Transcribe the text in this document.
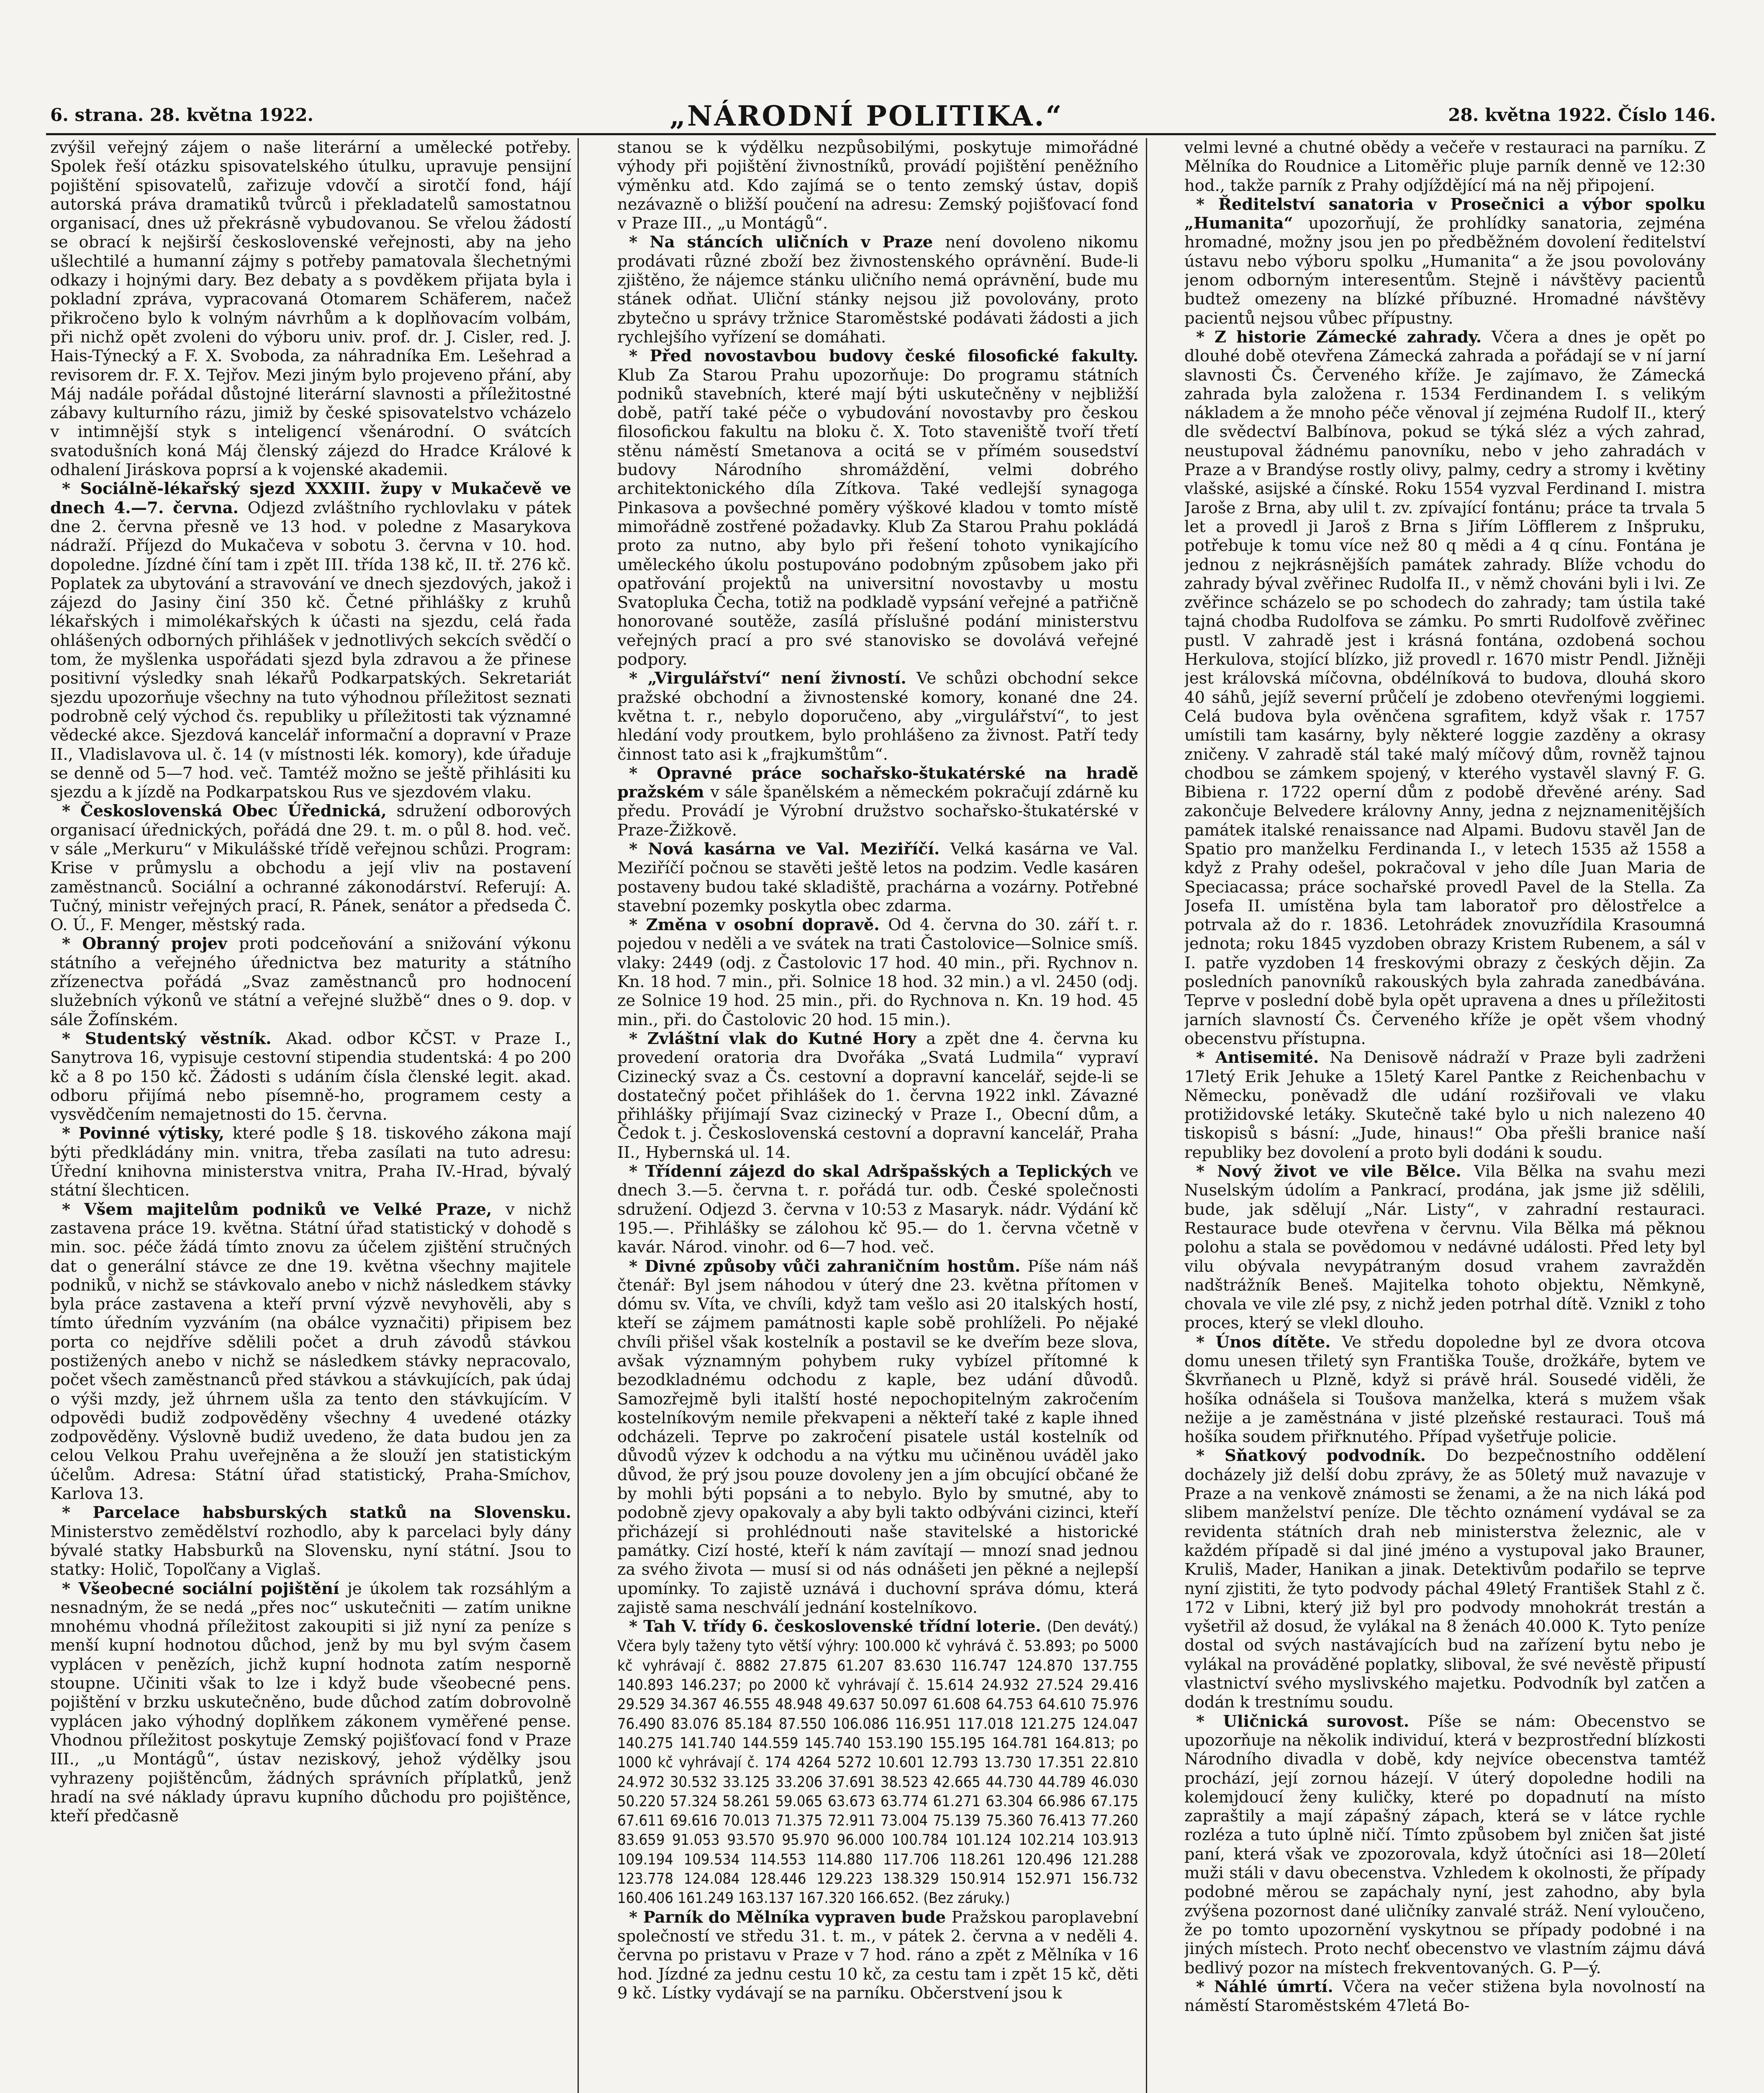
6. strana. 28. května 1922.	„NÁRODNÍ POLITIKA.“	28. května 1922. Číslo 146.

zvýšil veřejný zájem o naše literární a umělecké potřeby. Spolek řeší otázku spisovatelského útulku, upravuje pensijní pojištění spisovatelů, zařizuje vdovčí a sirotčí fond, hájí autorská práva dramatiků tvůrců i překladatelů samostatnou organisací, dnes už překrásně vybudovanou. Se vřelou žádostí se obrací k nejširší československé veřejnosti, aby na jeho ušlechtilé a humanní zájmy s potřeby pamatovala šlechetnými odkazy i hojnými dary. Bez debaty a s povděkem přijata byla i pokladní zpráva, vypracovaná Otomarem Schäferem, načež přikročeno bylo k volným návrhům a k doplňovacím volbám, při nichž opět zvoleni do výboru univ. prof. dr. J. Cisler, red. J. Hais-Týnecký a F. X. Svoboda, za náhradníka Em. Lešehrad a revisorem dr. F. X. Tejřov. Mezi jiným bylo projeveno přání, aby Máj nadále pořádal důstojné literární slavnosti a příležitostné zábavy kulturního rázu, jimiž by české spisovatelstvo vcházelo v intimnější styk s inteligencí všenárodní. O svátcích svatodušních koná Máj členský zájezd do Hradce Králové k odhalení Jiráskova poprsí a k vojenské akademii.

* Sociálně-lékařský sjezd XXXIII. župy v Mukačevě ve dnech 4.—7. června. Odjezd zvláštního rychlovlaku v pátek dne 2. června přesně ve 13 hod. v poledne z Masarykova nádraží. Příjezd do Mukačeva v sobotu 3. června v 10. hod. dopoledne. Jízdné číní tam i zpět III. třída 138 kč, II. tř. 276 kč. Poplatek za ubytování a stravování ve dnech sjezdových, jakož i zájezd do Jasiny činí 350 kč. Četné přihlášky z kruhů lékařských i mimolékařských k účasti na sjezdu, celá řada ohlášených odborných přihlášek v jednotlivých sekcích svědčí o tom, že myšlenka uspořádati sjezd byla zdravou a že přinese positivní výsledky snah lékařů Podkarpatských. Sekretariát sjezdu upozorňuje všechny na tuto výhodnou příležitost seznati podrobně celý východ čs. republiky u příležitosti tak významné vědecké akce. Sjezdová kancelář informační a dopravní v Praze II., Vladislavova ul. č. 14 (v místnosti lék. komory), kde úřaduje se denně od 5—7 hod. več. Tamtéž možno se ještě přihlásiti ku sjezdu a k jízdě na Podkarpatskou Rus ve sjezdovém vlaku.

* Československá Obec Úřednická, sdružení odborových organisací úřednických, pořádá dne 29. t. m. o půl 8. hod. več. v sále „Merkuru“ v Mikulášské třídě veřejnou schůzi. Program: Krise v průmyslu a obchodu a její vliv na postavení zaměstnanců. Sociální a ochranné zákonodárství. Referují: A. Tučný, ministr veřejných prací, R. Pánek, senátor a předseda Č. O. Ú., F. Menger, městský rada.

* Obranný projev proti podceňování a snižování výkonu státního a veřejného úřednictva bez maturity a státního zřízenectva pořádá „Svaz zaměstnanců pro hodnocení služebních výkonů ve státní a veřejné službě“ dnes o 9. dop. v sále Žofínském.

* Studentský věstník. Akad. odbor KČST. v Praze I., Sanytrova 16, vypisuje cestovní stipendia studentská: 4 po 200 kč a 8 po 150 kč. Žádosti s udáním čísla členské legit. akad. odboru přijímá nebo písemně-ho, programem cesty a vysvědčením nemajetnosti do 15. června.

* Povinné výtisky, které podle § 18. tiskového zákona mají býti předkládány min. vnitra, třeba zasílati na tuto adresu: Úřední knihovna ministerstva vnitra, Praha IV.-Hrad, bývalý státní šlechticen.

* Všem majitelům podniků ve Velké Praze, v nichž zastavena práce 19. května. Státní úřad statistický v dohodě s min. soc. péče žádá tímto znovu za účelem zjištění stručných dat o generální stávce ze dne 19. května všechny majitele podniků, v nichž se stávkovalo anebo v nichž následkem stávky byla práce zastavena a kteří první výzvě nevyhověli, aby s tímto úředním vyzváním (na obálce vyznačiti) připisem bez porta co nejdříve sdělili počet a druh závodů stávkou postižených anebo v nichž se následkem stávky nepracovalo, počet všech zaměstnanců před stávkou a stávkujících, pak údaj o výši mzdy, jež úhrnem ušla za tento den stávkujícím. V odpovědi budiž zodpověděny všechny 4 uvedené otázky zodpověděny. Výslovně budiž uvedeno, že data budou jen za celou Velkou Prahu uveřejněna a že slouží jen statistickým účelům. Adresa: Státní úřad statistický, Praha-Smíchov, Karlova 13.

* Parcelace habsburských statků na Slovensku. Ministerstvo zemědělství rozhodlo, aby k parcelaci byly dány bývalé statky Habsburků na Slovensku, nyní státní. Jsou to statky: Holič, Topoľčany a Viglaš.

* Všeobecné sociální pojištění je úkolem tak rozsáhlým a nesnadným, že se nedá „přes noc“ uskutečniti — zatím unikne mnohému vhodná příležitost zakoupiti si již nyní za peníze s menší kupní hodnotou důchod, jenž by mu byl svým časem vyplácen v penězích, jichž kupní hodnota zatím nesporně stoupne. Učiniti však to lze i když bude všeobecné pens. pojištění v brzku uskutečněno, bude důchod zatím dobrovolně vyplácen jako výhodný doplňkem zákonem vyměřené pense. Vhodnou příležitost poskytuje Zemský pojišťovací fond v Praze III., „u Montágů“, ústav neziskový, jehož výdělky jsou vyhrazeny pojištěncům, žádných správních příplatků, jenž hradí na své náklady úpravu kupního důchodu pro pojištěnce, kteří předčasně

stanou se k výdělku nezpůsobilými, poskytuje mimořádné výhody při pojištění živnostníků, provádí pojištění peněžního výměnku atd. Kdo zajímá se o tento zemský ústav, dopiš nezávazně o bližší poučení na adresu: Zemský pojišťovací fond v Praze III., „u Montágů“.

* Na stáncích uličních v Praze není dovoleno nikomu prodávati různé zboží bez živnostenského oprávnění. Bude-li zjištěno, že nájemce stánku uličního nemá oprávnění, bude mu stánek odňat. Uliční stánky nejsou již povolovány, proto zbytečno u správy tržnice Staroměstské podávati žádosti a jich rychlejšího vyřízení se domáhati.

* Před novostavbou budovy české filosofické fakulty. Klub Za Starou Prahu upozorňuje: Do programu státních podniků stavebních, které mají býti uskutečněny v nejbližší době, patří také péče o vybudování novostavby pro českou filosofickou fakultu na bloku č. X. Toto staveniště tvoří třetí stěnu náměstí Smetanova a ocitá se v přímém sousedství budovy Národního shromáždění, velmi dobrého architektonického díla Zítkova. Také vedlejší synagoga Pinkasova a povšechné poměry výškové kladou v tomto místě mimořádně zostřené požadavky. Klub Za Starou Prahu pokládá proto za nutno, aby bylo při řešení tohoto vynikajícího uměleckého úkolu postupováno podobným způsobem jako při opatřování projektů na universitní novostavby u mostu Svatopluka Čecha, totiž na podkladě vypsání veřejné a patřičně honorované soutěže, zasílá příslušné podání ministerstvu veřejných prací a pro své stanovisko se dovolává veřejné podpory.

* „Virgulářství“ není živností. Ve schůzi obchodní sekce pražské obchodní a živnostenské komory, konané dne 24. května t. r., nebylo doporučeno, aby „virgulářství“, to jest hledání vody proutkem, bylo prohlášeno za živnost. Patří tedy činnost tato asi k „frajkumštům“.

* Opravné práce sochařsko-štukatérské na hradě pražském v sále španělském a německém pokračují zdárně ku předu. Provádí je Výrobní družstvo sochařsko-štukatérské v Praze-Žižkově.

* Nová kasárna ve Val. Meziříčí. Velká kasárna ve Val. Meziříčí počnou se stavěti ještě letos na podzim. Vedle kasáren postaveny budou také skladiště, prachárna a vozárny. Potřebné stavební pozemky poskytla obec zdarma.

* Změna v osobní dopravě. Od 4. června do 30. září t. r. pojedou v neděli a ve svátek na trati Častolovice—Solnice smíš. vlaky: 2449 (odj. z Častolovic 17 hod. 40 min., při. Rychnov n. Kn. 18 hod. 7 min., při. Solnice 18 hod. 32 min.) a vl. 2450 (odj. ze Solnice 19 hod. 25 min., při. do Rychnova n. Kn. 19 hod. 45 min., při. do Častolovic 20 hod. 15 min.).

* Zvláštní vlak do Kutné Hory a zpět dne 4. června ku provedení oratoria dra Dvořáka „Svatá Ludmila“ vypraví Cizinecký svaz a Čs. cestovní a dopravní kancelář, sejde-li se dostatečný počet přihlášek do 1. června 1922 inkl. Závazné přihlášky přijímají Svaz cizinecký v Praze I., Obecní dům, a Čedok t. j. Československá cestovní a dopravní kancelář, Praha II., Hybernská ul. 14.

* Třídenní zájezd do skal Adršpašských a Teplických ve dnech 3.—5. června t. r. pořádá tur. odb. České společnosti sdružení. Odjezd 3. června v 10:53 z Masaryk. nádr. Výdání kč 195.—. Přihlášky se zálohou kč 95.— do 1. června včetně v kavár. Národ. vinohr. od 6—7 hod. več.

* Divné způsoby vůči zahraničním hostům. Píše nám náš čtenář: Byl jsem náhodou v úterý dne 23. května přítomen v dómu sv. Víta, ve chvíli, když tam vešlo asi 20 italských hostí, kteří se zájmem památnosti kaple sobě prohlíželi. Po nějaké chvíli přišel však kostelník a postavil se ke dveřím beze slova, avšak významným pohybem ruky vybízel přítomné k bezodkladnému odchodu z kaple, bez udání důvodů. Samozřejmě byli italští hosté nepochopitelným zakročením kostelníkovým nemile překvapeni a někteří také z kaple ihned odcházeli. Teprve po zakročení pisatele ustál kostelník od důvodů výzev k odchodu a na výtku mu učiněnou uváděl jako důvod, že prý jsou pouze dovoleny jen a jím obcující občané že by mohli býti popsáni a to nebylo. Bylo by smutné, aby to podobně zjevy opakovaly a aby byli takto odbýváni cizinci, kteří přicházejí si prohlédnouti naše stavitelské a historické památky. Cizí hosté, kteří k nám zavítají — mnozí snad jednou za svého života — musí si od nás odnášeti jen pěkné a nejlepší upomínky. To zajistě uznává i duchovní správa dómu, která zajistě sama neschválí jednání kostelníkovo.

* Tah V. třídy 6. československé třídní loterie. (Den devátý.) Včera byly taženy tyto větší výhry: 100.000 kč vyhrává č. 53.893; po 5000 kč vyhrávají č. 8882 27.875 61.207 83.630 116.747 124.870 137.755 140.893 146.237; po 2000 kč vyhrávají č. 15.614 24.932 27.524 29.416 29.529 34.367 46.555 48.948 49.637 50.097 61.608 64.753 64.610 75.976 76.490 83.076 85.184 87.550 106.086 116.951 117.018 121.275 124.047 140.275 141.740 144.559 145.740 153.190 155.195 164.781 164.813; po 1000 kč vyhrávají č. 174 4264 5272 10.601 12.793 13.730 17.351 22.810 24.972 30.532 33.125 33.206 37.691 38.523 42.665 44.730 44.789 46.030 50.220 57.324 58.261 59.065 63.673 63.774 61.271 63.304 66.986 67.175 67.611 69.616 70.013 71.375 72.911 73.004 75.139 75.360 76.413 77.260 83.659 91.053 93.570 95.970 96.000 100.784 101.124 102.214 103.913 109.194 109.534 114.553 114.880 117.706 118.261 120.496 121.288 123.778 124.084 128.446 129.223 138.329 150.914 152.971 156.732 160.406 161.249 163.137 167.320 166.652. (Bez záruky.)

* Parník do Mělníka vypraven bude Pražskou paroplavební společností ve středu 31. t. m., v pátek 2. června a v neděli 4. června po pristavu v Praze v 7 hod. ráno a zpět z Mělníka v 16 hod. Jízdné za jednu cestu 10 kč, za cestu tam i zpět 15 kč, děti 9 kč. Lístky vydávají se na parníku. Občerstvení jsou k

velmi levné a chutné obědy a večeře v restauraci na parníku. Z Mělníka do Roudnice a Litoměřic pluje parník denně ve 12:30 hod., takže parník z Prahy odjíždějící má na něj připojení.

* Ředitelství sanatoria v Prosečnici a výbor spolku „Humanita“ upozorňují, že prohlídky sanatoria, zejména hromadné, možny jsou jen po předběžném dovolení ředitelství ústavu nebo výboru spolku „Humanita“ a že jsou povolovány jenom odborným interesentům. Stejně i návštěvy pacientů budtež omezeny na blízké příbuzné. Hromadné návštěvy pacientů nejsou vůbec přípustny.

* Z historie Zámecké zahrady. Včera a dnes je opět po dlouhé době otevřena Zámecká zahrada a pořádají se v ní jarní slavnosti Čs. Červeného kříže. Je zajímavo, že Zámecká zahrada byla založena r. 1534 Ferdinandem I. s velikým nákladem a že mnoho péče věnoval jí zejména Rudolf II., který dle svědectví Balbínova, pokud se týká sléz a vých zahrad, neustupoval žádnému panovníku, nebo v jeho zahradách v Praze a v Brandýse rostly olivy, palmy, cedry a stromy i květiny vlašské, asijské a čínské. Roku 1554 vyzval Ferdinand I. mistra Jaroše z Brna, aby ulil t. zv. zpívající fontánu; práce ta trvala 5 let a provedl ji Jaroš z Brna s Jiřím Löfflerem z Inšpruku, potřebuje k tomu více než 80 q mědi a 4 q cínu. Fontána je jednou z nejkrásnějších památek zahrady. Blíže vchodu do zahrady býval zvěřinec Rudolfa II., v němž chováni byli i lvi. Ze zvěřince scházelo se po schodech do zahrady; tam ústila také tajná chodba Rudolfova se zámku. Po smrti Rudolfově zvěřinec pustl. V zahradě jest i krásná fontána, ozdobená sochou Herkulova, stojící blízko, již provedl r. 1670 mistr Pendl. Jižněji jest královská míčovna, obdélníková to budova, dlouhá skoro 40 sáhů, jejíž severní průčelí je zdobeno otevřenými loggiemi. Celá budova byla ověnčena sgrafitem, když však r. 1757 umístili tam kasárny, byly některé loggie zazděny a okrasy zničeny. V zahradě stál také malý míčový dům, rovněž tajnou chodbou se zámkem spojený, v kterého vystavěl slavný F. G. Bibiena r. 1722 operní dům z podobě dřevěné arény. Sad zakončuje Belvedere královny Anny, jedna z nejznamenitějších památek italské renaissance nad Alpami. Budovu stavěl Jan de Spatio pro manželku Ferdinanda I., v letech 1535 až 1558 a když z Prahy odešel, pokračoval v jeho díle Juan Maria de Speciacassa; práce sochařské provedl Pavel de la Stella. Za Josefa II. umístěna byla tam laboratoř pro dělostřelce a potrvala až do r. 1836. Letohrádek znovuzřídila Krasoumná jednota; roku 1845 vyzdoben obrazy Kristem Rubenem, a sál v I. patře vyzdoben 14 freskovými obrazy z českých dějin. Za posledních panovníků rakouských byla zahrada zanedbávána. Teprve v poslední době byla opět upravena a dnes u příležitosti jarních slavností Čs. Červeného kříže je opět všem vhodný obecenstvu přístupna.

* Antisemité. Na Denisově nádraží v Praze byli zadrženi 17letý Erik Jehuke a 15letý Karel Pantke z Reichenbachu v Německu, poněvadž dle udání rozšiřovali ve vlaku protižidovské letáky. Skutečně také bylo u nich nalezeno 40 tiskopisů s básní: „Jude, hinaus!“ Oba přešli branice naší republiky bez dovolení a proto byli dodáni k soudu.

* Nový život ve vile Bělce. Vila Bělka na svahu mezi Nuselským údolím a Pankrací, prodána, jak jsme již sdělili, bude, jak sdělují „Nár. Listy“, v zahradní restauraci. Restaurace bude otevřena v červnu. Vila Bělka má pěknou polohu a stala se povědomou v nedávné události. Před lety byl vilu obývala nevypátraným dosud vrahem zavražděn nadštrážník Beneš. Majitelka tohoto objektu, Němkyně, chovala ve vile zlé psy, z nichž jeden potrhal dítě. Vznikl z toho proces, který se vlekl dlouho.

* Únos dítěte. Ve středu dopoledne byl ze dvora otcova domu unesen třiletý syn Františka Touše, drožkáře, bytem ve Škvrňanech u Plzně, když si právě hrál. Sousedé viděli, že hošíka odnášela si Toušova manželka, která s mužem však nežije a je zaměstnána v jisté plzeňské restauraci. Touš má hošíka soudem přiřknutého. Případ vyšetřuje policie.

* Sňatkový podvodník. Do bezpečnostního oddělení docházely již delší dobu zprávy, že as 50letý muž navazuje v Praze a na venkově známosti se ženami, a že na nich láká pod slibem manželství peníze. Dle těchto oznámení vydával se za revidenta státních drah neb ministerstva železnic, ale v každém případě si dal jiné jméno a vystupoval jako Brauner, Kruliš, Mader, Hanikan a jinak. Detektivům podařilo se teprve nyní zjistiti, že tyto podvody páchal 49letý František Stahl z č. 172 v Libni, který již byl pro podvody mnohokrát trestán a vyšetřil až dosud, že vylákal na 8 ženách 40.000 K. Tyto peníze dostal od svých nastávajících bud na zařízení bytu nebo je vylákal na prováděné poplatky, sliboval, že své nevěstě připustí vlastnictví svého myslivského majetku. Podvodník byl zatčen a dodán k trestnímu soudu.

* Uličnická surovost. Píše se nám: Obecenstvo se upozorňuje na několik individuí, která v bezprostřední blízkosti Národního divadla v době, kdy nejvíce obecenstva tamtéž prochází, její zornou házejí. V úterý dopoledne hodili na kolemjdoucí ženy kuličky, které po dopadnutí na místo zapraštily a mají zápašný zápach, která se v látce rychle rozléza a tuto úplně ničí. Tímto způsobem byl zničen šat jisté paní, která však ve zpozorovala, když útočníci asi 18—20letí muži stáli v davu obecenstva. Vzhledem k okolnosti, že případy podobné měrou se zapáchaly nyní, jest zahodno, aby byla zvýšena pozornost dané uličníky zanvalé stráž. Není vyloučeno, že po tomto upozornění vyskytnou se případy podobné i na jiných místech. Proto nechť obecenstvo ve vlastním zájmu dává bedlivý pozor na místech frekventovaných. G. P—ý.

* Náhlé úmrtí. Včera na večer stižena byla novolností na náměstí Staroměstském 47letá Bo-
